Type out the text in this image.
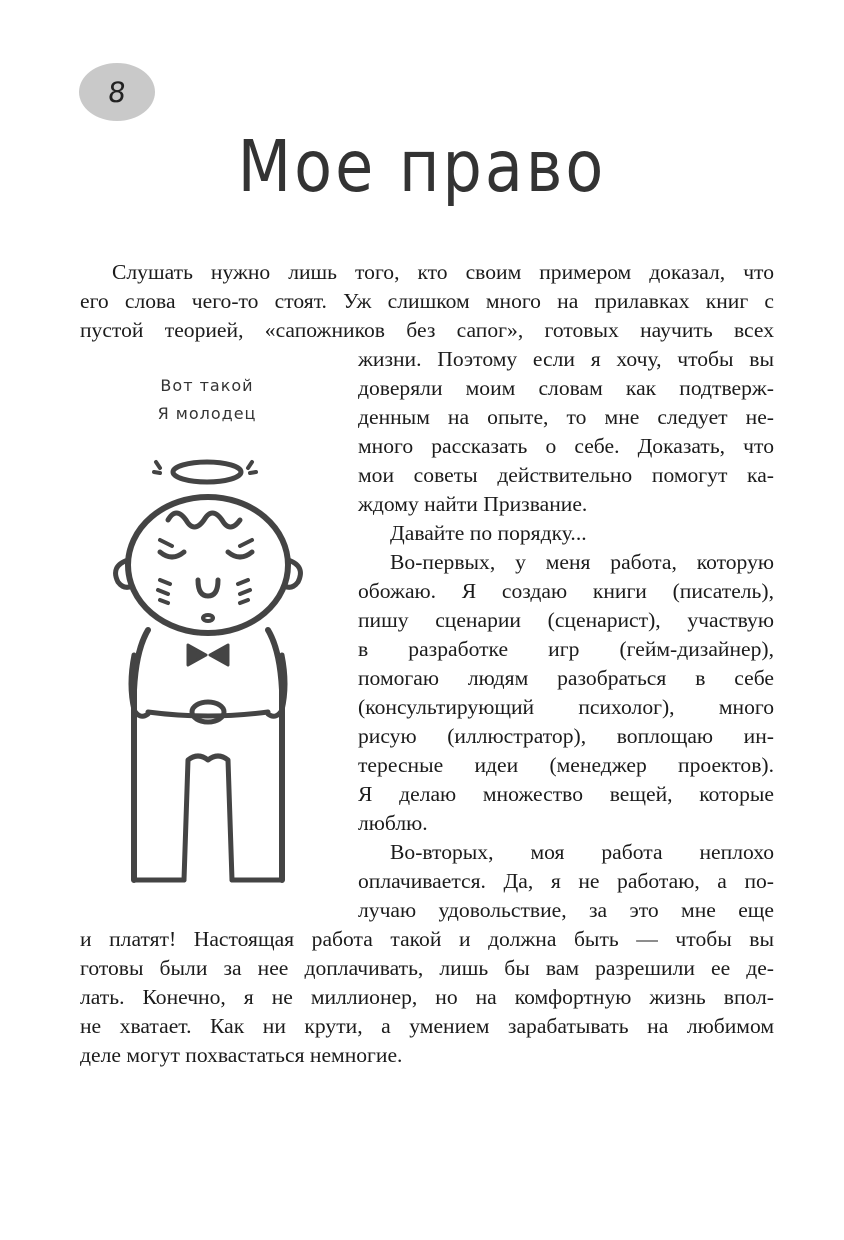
8
Мое право
Вот такой
Я молодец
Слушать нужно лишь того, кто своим примером доказал, что
его слова чего-то стоят. Уж слишком много на прилавках книг с
пустой теорией, «сапожников без сапог», готовых научить всех
жизни. Поэтому если я хочу, чтобы вы
доверяли моим словам как подтверж-
денным на опыте, то мне следует не-
много рассказать о себе. Доказать, что
мои советы действительно помогут ка-
ждому найти Призвание.
Давайте по порядку...
Во-первых, у меня работа, которую
обожаю. Я создаю книги (писатель),
пишу сценарии (сценарист), участвую
в разработке игр (гейм-дизайнер),
помогаю людям разобраться в себе
(консультирующий психолог), много
рисую (иллюстратор), воплощаю ин-
тересные идеи (менеджер проектов).
Я делаю множество вещей, которые
люблю.
Во-вторых, моя работа неплохо
оплачивается. Да, я не работаю, а по-
лучаю удовольствие, за это мне еще
и платят! Настоящая работа такой и должна быть — чтобы вы
готовы были за нее доплачивать, лишь бы вам разрешили ее де-
лать. Конечно, я не миллионер, но на комфортную жизнь впол-
не хватает. Как ни крути, а умением зарабатывать на любимом
деле могут похвастаться немногие.
